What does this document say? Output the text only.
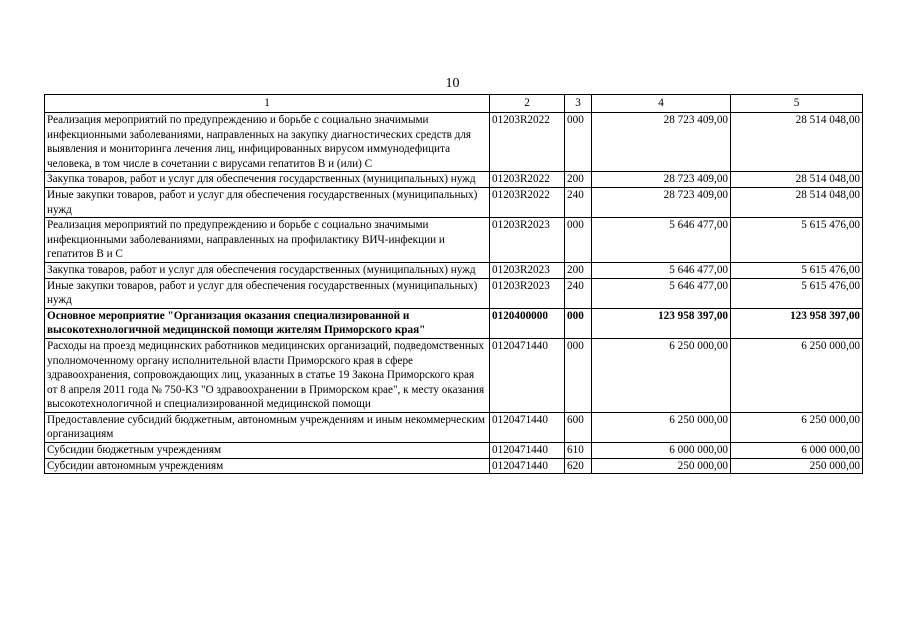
10
1	2	3	4	5
Реализация мероприятий по предупреждению и борьбе с социально значимыми инфекционными заболеваниями, направленных на закупку диагностических средств для выявления и мониторинга лечения лиц, инфицированных вирусом иммунодефицита человека, в том числе в сочетании с вирусами гепатитов В и (или) С	01203R2022	000	28 723 409,00	28 514 048,00
Закупка товаров, работ и услуг для обеспечения государственных (муниципальных) нужд	01203R2022	200	28 723 409,00	28 514 048,00
Иные закупки товаров, работ и услуг для обеспечения государственных (муниципальных) нужд	01203R2022	240	28 723 409,00	28 514 048,00
Реализация мероприятий по предупреждению и борьбе с социально значимыми инфекционными заболеваниями, направленных на профилактику ВИЧ-инфекции и гепатитов В и С	01203R2023	000	5 646 477,00	5 615 476,00
Закупка товаров, работ и услуг для обеспечения государственных (муниципальных) нужд	01203R2023	200	5 646 477,00	5 615 476,00
Иные закупки товаров, работ и услуг для обеспечения государственных (муниципальных) нужд	01203R2023	240	5 646 477,00	5 615 476,00
Основное мероприятие "Организация оказания специализированной и высокотехнологичной медицинской помощи жителям Приморского края"	0120400000	000	123 958 397,00	123 958 397,00
Расходы на проезд медицинских работников медицинских организаций, подведомственных уполномоченному органу исполнительной власти Приморского края в сфере здравоохранения, сопровождающих лиц, указанных в статье 19 Закона Приморского края от 8 апреля 2011 года № 750-КЗ "О здравоохранении в Приморском крае", к месту оказания высокотехнологичной и специализированной медицинской помощи	0120471440	000	6 250 000,00	6 250 000,00
Предоставление субсидий бюджетным, автономным учреждениям и иным некоммерческим организациям	0120471440	600	6 250 000,00	6 250 000,00
Субсидии бюджетным учреждениям	0120471440	610	6 000 000,00	6 000 000,00
Субсидии автономным учреждениям	0120471440	620	250 000,00	250 000,00
